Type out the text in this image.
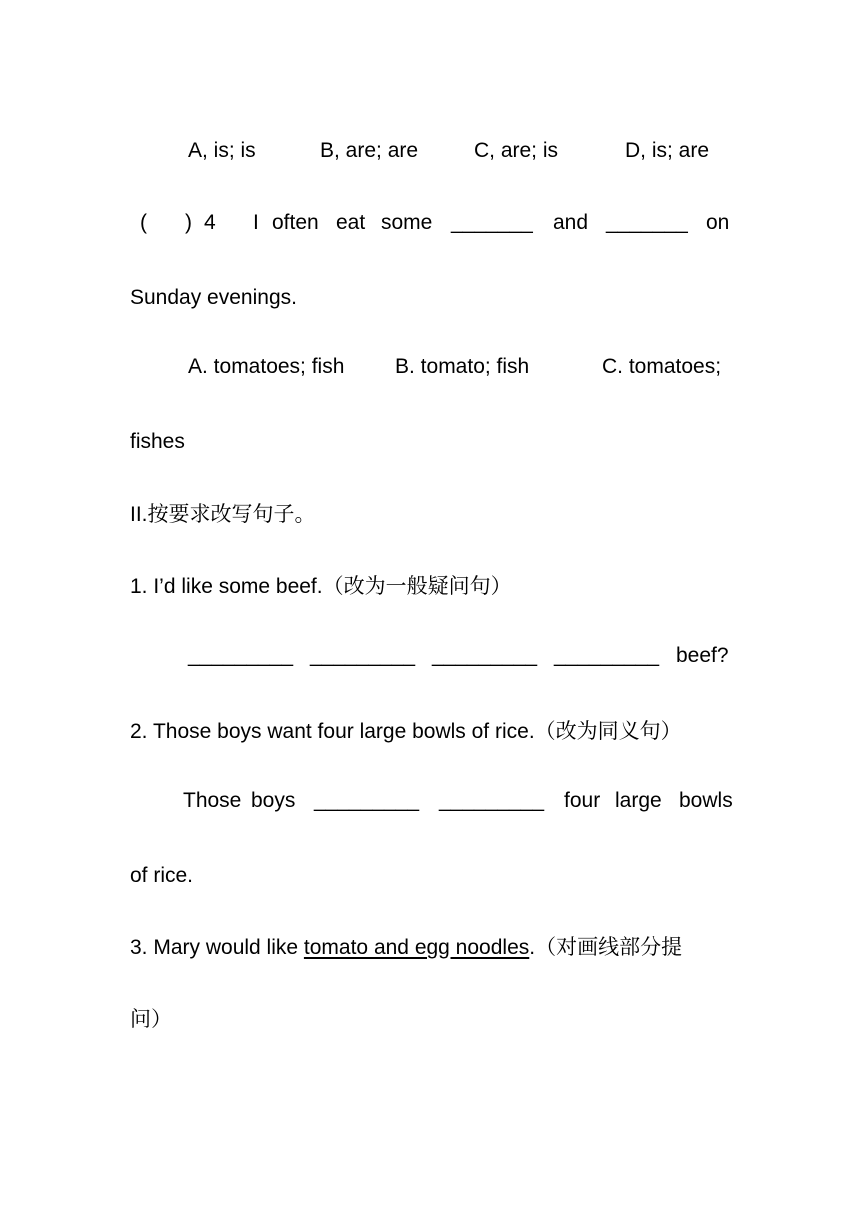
A, is; is	B, are; are	C, are; is	D, is; are
( ) 4 I often eat some _______ and _______ on
Sunday evenings.
A. tomatoes; fish B. tomato; fish	C. tomatoes;
fishes
II.按要求改写句子。
1. I’d like some beef.（改为一般疑问句）
_________ _________ _________ _________ beef?
2. Those boys want four large bowls of rice.（改为同义句）
Those boys _________ _________ four large bowls
of rice.
3. Mary would like tomato and egg noodles.（对画线部分提
问）
